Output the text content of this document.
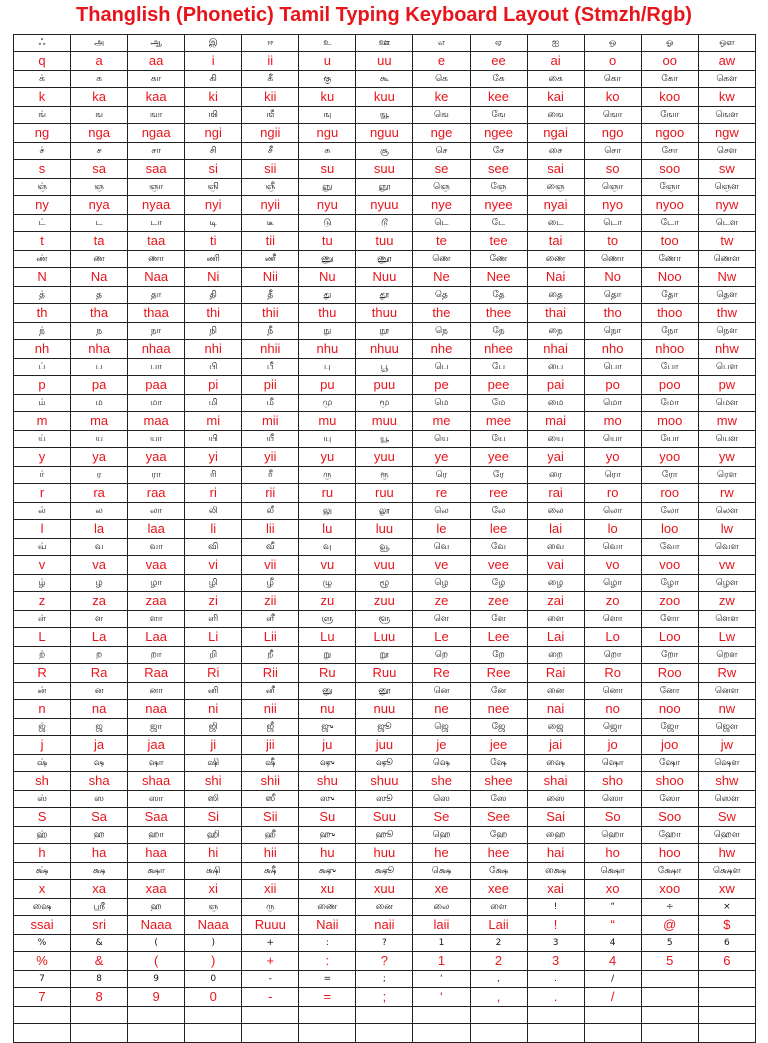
Thanglish (Phonetic) Tamil Typing Keyboard Layout (Stmzh/Rgb)
ஃ	அ	ஆ	இ	ஈ	உ	ஊ	எ	ஏ	ஐ	ஒ	ஓ	ஔ
q	a	aa	i	ii	u	uu	e	ee	ai	o	oo	aw
க்	க	கா	கி	கீ	கு	கூ	கெ	கே	கை	கொ	கோ	கௌ
k	ka	kaa	ki	kii	ku	kuu	ke	kee	kai	ko	koo	kw
ங்	ங	ஙா	ஙி	ஙீ	ஙு	ஙூ	ஙெ	ஙே	ஙை	ஙொ	ஙோ	ஙௌ
ng	nga	ngaa	ngi	ngii	ngu	nguu	nge	ngee	ngai	ngo	ngoo	ngw
ச்	ச	சா	சி	சீ	சு	சூ	செ	சே	சை	சொ	சோ	சௌ
s	sa	saa	si	sii	su	suu	se	see	sai	so	soo	sw
ஞ்	ஞ	ஞா	ஞி	ஞீ	ஞு	ஞூ	ஞெ	ஞே	ஞை	ஞொ	ஞோ	ஞௌ
ny	nya	nyaa	nyi	nyii	nyu	nyuu	nye	nyee	nyai	nyo	nyoo	nyw
ட்	ட	டா	டி	டீ	டு	டூ	டெ	டே	டை	டொ	டோ	டௌ
t	ta	taa	ti	tii	tu	tuu	te	tee	tai	to	too	tw
ண்	ண	ணா	ணி	ணீ	ணு	ணூ	ணெ	ணே	ணை	ணொ	ணோ	ணௌ
N	Na	Naa	Ni	Nii	Nu	Nuu	Ne	Nee	Nai	No	Noo	Nw
த்	த	தா	தி	தீ	து	தூ	தெ	தே	தை	தொ	தோ	தௌ
th	tha	thaa	thi	thii	thu	thuu	the	thee	thai	tho	thoo	thw
ந்	ந	நா	நி	நீ	நு	நூ	நெ	நே	நை	நொ	நோ	நௌ
nh	nha	nhaa	nhi	nhii	nhu	nhuu	nhe	nhee	nhai	nho	nhoo	nhw
ப்	ப	பா	பி	பீ	பு	பூ	பெ	பே	பை	பொ	போ	பௌ
p	pa	paa	pi	pii	pu	puu	pe	pee	pai	po	poo	pw
ம்	ம	மா	மி	மீ	மு	மூ	மெ	மே	மை	மொ	மோ	மௌ
m	ma	maa	mi	mii	mu	muu	me	mee	mai	mo	moo	mw
ய்	ய	யா	யி	யீ	யு	யூ	யெ	யே	யை	யொ	யோ	யௌ
y	ya	yaa	yi	yii	yu	yuu	ye	yee	yai	yo	yoo	yw
ர்	ர	ரா	ரி	ரீ	ரு	ரூ	ரெ	ரே	ரை	ரொ	ரோ	ரௌ
r	ra	raa	ri	rii	ru	ruu	re	ree	rai	ro	roo	rw
ல்	ல	லா	லி	லீ	லு	லூ	லெ	லே	லை	லொ	லோ	லௌ
l	la	laa	li	lii	lu	luu	le	lee	lai	lo	loo	lw
வ்	வ	வா	வி	வீ	வு	வூ	வெ	வே	வை	வொ	வோ	வௌ
v	va	vaa	vi	vii	vu	vuu	ve	vee	vai	vo	voo	vw
ழ்	ழ	ழா	ழி	ழீ	ழு	ழூ	ழெ	ழே	ழை	ழொ	ழோ	ழௌ
z	za	zaa	zi	zii	zu	zuu	ze	zee	zai	zo	zoo	zw
ள்	ள	ளா	ளி	ளீ	ளு	ளூ	ளெ	ளே	ளை	ளொ	ளோ	ளௌ
L	La	Laa	Li	Lii	Lu	Luu	Le	Lee	Lai	Lo	Loo	Lw
ற்	ற	றா	றி	றீ	று	றூ	றெ	றே	றை	றொ	றோ	றௌ
R	Ra	Raa	Ri	Rii	Ru	Ruu	Re	Ree	Rai	Ro	Roo	Rw
ன்	ன	னா	னி	னீ	னு	னூ	னெ	னே	னை	னொ	னோ	னௌ
n	na	naa	ni	nii	nu	nuu	ne	nee	nai	no	noo	nw
ஜ்	ஜ	ஜா	ஜி	ஜீ	ஜு	ஜூ	ஜெ	ஜே	ஜை	ஜொ	ஜோ	ஜௌ
j	ja	jaa	ji	jii	ju	juu	je	jee	jai	jo	joo	jw
ஷ்	ஷ	ஷா	ஷி	ஷீ	ஷு	ஷூ	ஷெ	ஷே	ஷை	ஷொ	ஷோ	ஷௌ
sh	sha	shaa	shi	shii	shu	shuu	she	shee	shai	sho	shoo	shw
ஸ்	ஸ	ஸா	ஸி	ஸீ	ஸு	ஸூ	ஸெ	ஸே	ஸை	ஸொ	ஸோ	ஸௌ
S	Sa	Saa	Si	Sii	Su	Suu	Se	See	Sai	So	Soo	Sw
ஹ்	ஹ	ஹா	ஹி	ஹீ	ஹு	ஹூ	ஹெ	ஹே	ஹை	ஹொ	ஹோ	ஹௌ
h	ha	haa	hi	hii	hu	huu	he	hee	hai	ho	hoo	hw
க்ஷ்	க்ஷ	க்ஷா	க்ஷி	க்ஷீ	க்ஷு	க்ஷூ	க்ஷெ	க்ஷே	க்ஷை	க்ஷொ	க்ஷோ	க்ஷௌ
x	xa	xaa	xi	xii	xu	xuu	xe	xee	xai	xo	xoo	xw
ஷை	ஸ்ரீ	ஹ	ஞ	ரு	ணை	னை	லை	ளை	!	“	÷	×
ssai	sri	Naaa	Naaa	Ruuu	Naii	naii	laii	Laii	!	“	@	$
%	&	(	)	+	:	?	1	2	3	4	5	6
%	&	(	)	+	:	?	1	2	3	4	5	6
7	8	9	0	-	=	;	‘	,	.	/		
7	8	9	0	-	=	;	‘	,	.	/		
